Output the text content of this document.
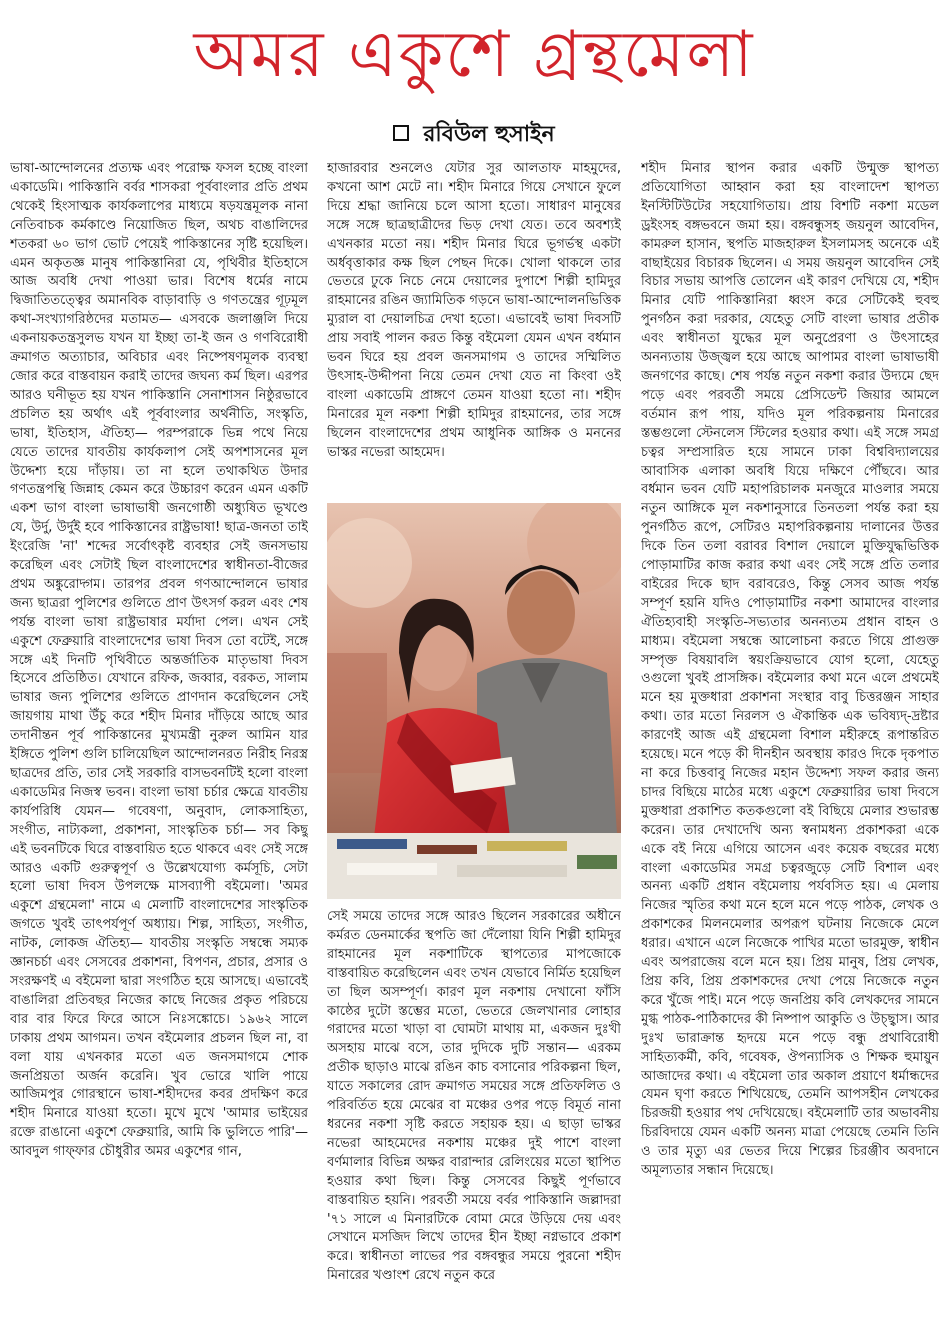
অমর একুশে গ্রন্থমেলা
রবিউল হুসাইন

ভাষা-আন্দোলনের প্রত্যক্ষ এবং পরোক্ষ ফসল হচ্ছে বাংলা একাডেমি। পাকিস্তানি বর্বর শাসকরা পূর্ববাংলার প্রতি প্রথম থেকেই হিংসাত্মক কার্যকলাপের মাধ্যমে ষড়যন্ত্রমূলক নানা নেতিবাচক কর্মকাণ্ডে নিয়োজিত ছিল, অথচ বাঙালিদের শতকরা ৬০ ভাগ ভোট পেয়েই পাকিস্তানের সৃষ্টি হয়েছিল। এমন অকৃতজ্ঞ মানুষ পাকিস্তানিরা যে, পৃথিবীর ইতিহাসে আজ অবধি দেখা পাওয়া ভার। বিশেষ ধর্মের নামে দ্বিজাতিতত্ত্বের অমানবিক বাড়াবাড়ি ও গণতন্ত্রের গূঢ়মূল কথা-সংখ্যাগরিষ্ঠদের মতামত— এসবকে জলাঞ্জলি দিয়ে একনায়কতন্ত্রসুলভ যখন যা ইচ্ছা তা-ই জন ও গণবিরোধী ক্রমাগত অত্যাচার, অবিচার এবং নিষ্পেষণমূলক ব্যবস্থা জোর করে বাস্তবায়ন করাই তাদের জঘন্য কর্ম ছিল। এরপর আরও ঘনীভূত হয় যখন পাকিস্তানি সেনাশাসন নিষ্ঠুরভাবে প্রচলিত হয় অর্থাৎ এই পূর্ববাংলার অর্থনীতি, সংস্কৃতি, ভাষা, ইতিহাস, ঐতিহ্য— পরম্পরাকে ভিন্ন পথে নিয়ে যেতে তাদের যাবতীয় কার্যকলাপ সেই অপশাসনের মূল উদ্দেশ্য হয়ে দাঁড়ায়। তা না হলে তথাকথিত উদার গণতন্ত্রপন্থি জিন্নাহ কেমন করে উচ্চারণ করেন এমন একটি একশ ভাগ বাংলা ভাষাভাষী জনগোষ্ঠী অধ্যুষিত ভূখণ্ডে যে, উর্দু, উর্দুই হবে পাকিস্তানের রাষ্ট্রভাষা! ছাত্র-জনতা তাই ইংরেজি 'না' শব্দের সর্বোৎকৃষ্ট ব্যবহার সেই জনসভায় করেছিল এবং সেটাই ছিল বাংলাদেশের স্বাধীনতা-বীজের প্রথম অঙ্কুরোদ্গম। তারপর প্রবল গণআন্দোলনে ভাষার জন্য ছাত্ররা পুলিশের গুলিতে প্রাণ উৎসর্গ করল এবং শেষ পর্যন্ত বাংলা ভাষা রাষ্ট্রভাষার মর্যাদা পেল। এখন সেই একুশে ফেব্রুয়ারি বাংলাদেশের ভাষা দিবস তো বটেই, সঙ্গে সঙ্গে এই দিনটি পৃথিবীতে অন্তর্জাতিক মাতৃভাষা দিবস হিসেবে প্রতিষ্ঠিত। যেখানে রফিক, জব্বার, বরকত, সালাম ভাষার জন্য পুলিশের গুলিতে প্রাণদান করেছিলেন সেই জায়গায় মাথা উঁচু করে শহীদ মিনার দাঁড়িয়ে আছে আর তদানীন্তন পূর্ব পাকিস্তানের মুখ্যমন্ত্রী নুরুল আমিন যার ইঙ্গিতে পুলিশ গুলি চালিয়েছিল আন্দোলনরত নিরীহ নিরস্ত্র ছাত্রদের প্রতি, তার সেই সরকারি বাসভবনটিই হলো বাংলা একাডেমির নিজস্ব ভবন। বাংলা ভাষা চর্চার ক্ষেত্রে যাবতীয় কার্যপরিধি যেমন— গবেষণা, অনুবাদ, লোকসাহিত্য, সংগীত, নাট্যকলা, প্রকাশনা, সাংস্কৃতিক চর্চা— সব কিছু এই ভবনটিকে ঘিরে বাস্তবায়িত হতে থাকবে এবং সেই সঙ্গে আরও একটি গুরুত্বপূর্ণ ও উল্লেখযোগ্য কর্মসূচি, সেটা হলো ভাষা দিবস উপলক্ষে মাসব্যাপী বইমেলা। 'অমর একুশে গ্রন্থমেলা' নামে এ মেলাটি বাংলাদেশের সাংস্কৃতিক জগতে খুবই তাৎপর্যপূর্ণ অধ্যায়। শিল্প, সাহিত্য, সংগীত, নাটক, লোকজ ঐতিহ্য— যাবতীয় সংস্কৃতি সম্বন্ধে সম্যক জ্ঞানচর্চা এবং সেসবের প্রকাশনা, বিপণন, প্রচার, প্রসার ও সংরক্ষণই এ বইমেলা দ্বারা সংগঠিত হয়ে আসছে। এভাবেই বাঙালিরা প্রতিবছর নিজের কাছে নিজের প্রকৃত পরিচয়ে বার বার ফিরে ফিরে আসে নিঃসঙ্কোচে। ১৯৬২ সালে ঢাকায় প্রথম আগমন। তখন বইমেলার প্রচলন ছিল না, বা বলা যায় এখনকার মতো এত জনসমাগমে শোক জনপ্রিয়তা অর্জন করেনি। খুব ভোরে খালি পায়ে আজিমপুর গোরস্থানে ভাষা-শহীদদের কবর প্রদক্ষিণ করে শহীদ মিনারে যাওয়া হতো। মুখে মুখে 'আমার ভাইয়ের রক্তে রাঙানো একুশে ফেব্রুয়ারি, আমি কি ভুলিতে পারি'— আবদুল গাফ্‌ফার চৌধুরীর অমর একুশের গান,

হাজারবার শুনলেও যেটার সুর আলতাফ মাহমুদের, কখনো আশ মেটে না। শহীদ মিনারে গিয়ে সেখানে ফুলে দিয়ে শ্রদ্ধা জানিয়ে চলে আসা হতো। সাধারণ মানুষের সঙ্গে সঙ্গে ছাত্রছাত্রীদের ভিড় দেখা যেত। তবে অবশ্যই এখনকার মতো নয়। শহীদ মিনার ঘিরে ভূগর্ভস্থ একটা অর্ধবৃত্তাকার কক্ষ ছিল পেছন দিকে। খোলা থাকলে তার ভেতরে ঢুকে নিচে নেমে দেয়ালের দুপাশে শিল্পী হামিদুর রাহমানের রঙিন জ্যামিতিক গড়নে ভাষা-আন্দোলনভিত্তিক ম্যুরাল বা দেয়ালচিত্র দেখা হতো। এভাবেই ভাষা দিবসটি প্রায় সবাই পালন করত কিন্তু বইমেলা যেমন এখন বর্ধমান ভবন ঘিরে হয় প্রবল জনসমাগম ও তাদের সম্মিলিত উৎসাহ-উদ্দীপনা নিয়ে তেমন দেখা যেত না কিংবা ওই বাংলা একাডেমি প্রাঙ্গণে তেমন যাওয়া হতো না। শহীদ মিনারের মূল নকশা শিল্পী হামিদুর রাহমানের, তার সঙ্গে ছিলেন বাংলাদেশের প্রথম আধুনিক আঙ্গিক ও মননের ভাস্কর নভেরা আহমেদ।

সেই সময়ে তাদের সঙ্গে আরও ছিলেন সরকারের অধীনে কর্মরত ডেনমার্কের স্থপতি জা দেঁলোয়া যিনি শিল্পী হামিদুর রাহমানের মূল নকশাটিকে স্থাপত্যের মাপজোকে বাস্তবায়িত করেছিলেন এবং তখন যেভাবে নির্মিত হয়েছিল তা ছিল অসম্পূর্ণ। কারণ মূল নকশায় দেখানো ফাঁসি কাষ্ঠের দুটো স্তম্ভের মতো, ভেতরে জেলখানার লোহার গরাদের মতো খাড়া বা ঘোমটা মাথায় মা, একজন দুঃখী অসহায় মাঝে বসে, তার দুদিকে দুটি সন্তান— এরকম প্রতীক ছাড়াও মাঝে রঙিন কাচ বসানোর পরিকল্পনা ছিল, যাতে সকালের রোদ ক্রমাগত সময়ের সঙ্গে প্রতিফলিত ও পরিবর্তিত হয়ে মেঝের বা মঞ্চের ওপর পড়ে বিমূর্ত নানা ধরনের নকশা সৃষ্টি করতে সহায়ক হয়। এ ছাড়া ভাস্কর নভেরা আহমেদের নকশায় মঞ্চের দুই পাশে বাংলা বর্ণমালার বিভিন্ন অক্ষর বারান্দার রেলিংয়ের মতো স্থাপিত হওয়ার কথা ছিল। কিন্তু সেসবের কিছুই পূর্ণভাবে বাস্তবায়িত হয়নি। পরবর্তী সময়ে বর্বর পাকিস্তানি জল্লাদরা '৭১ সালে এ মিনারটিকে বোমা মেরে উড়িয়ে দেয় এবং সেখানে মসজিদ লিখে তাদের হীন ইচ্ছা নগ্নভাবে প্রকাশ করে। স্বাধীনতা লাভের পর বঙ্গবন্ধুর সময়ে পুরনো শহীদ মিনারের খণ্ডাংশ রেখে নতুন করে

শহীদ মিনার স্থাপন করার একটি উন্মুক্ত স্থাপত্য প্রতিযোগিতা আহ্বান করা হয় বাংলাদেশ স্থাপত্য ইনস্টিটিউটের সহযোগিতায়। প্রায় বিশটি নকশা মডেল ড্রইংসহ বঙ্গভবনে জমা হয়। বঙ্গবন্ধুসহ জয়নুল আবেদিন, কামরুল হাসান, স্থপতি মাজহারুল ইসলামসহ অনেকে এই বাছাইয়ের বিচারক ছিলেন। এ সময় জয়নুল আবেদিন সেই বিচার সভায় আপত্তি তোলেন এই কারণ দেখিয়ে যে, শহীদ মিনার যেটি পাকিস্তানিরা ধ্বংস করে সেটিকেই হুবহু পুনর্গঠন করা দরকার, যেহেতু সেটি বাংলা ভাষার প্রতীক এবং স্বাধীনতা যুদ্ধের মূল অনুপ্রেরণা ও উৎসাহের অনন্যতায় উজ্জ্বল হয়ে আছে আপামর বাংলা ভাষাভাষী জনগণের কাছে। শেষ পর্যন্ত নতুন নকশা করার উদ্যমে ছেদ পড়ে এবং পরবর্তী সময়ে প্রেসিডেন্ট জিয়ার আমলে বর্তমান রূপ পায়, যদিও মূল পরিকল্পনায় মিনারের স্তম্ভগুলো স্টেনলেস স্টিলের হওয়ার কথা। এই সঙ্গে সমগ্র চত্বর সম্প্রসারিত হয়ে সামনে ঢাকা বিশ্ববিদ্যালয়ের আবাসিক এলাকা অবধি যিয়ে দক্ষিণে পৌঁছবে। আর বর্ধমান ভবন যেটি মহাপরিচালক মনজুরে মাওলার সময়ে নতুন আঙ্গিকে মূল নকশানুসারে তিনতলা পর্যন্ত করা হয় পুনর্গঠিত রূপে, সেটিরও মহাপরিকল্পনায় দালানের উত্তর দিকে তিন তলা বরাবর বিশাল দেয়ালে মুক্তিযুদ্ধভিত্তিক পোড়ামাটির কাজ করার কথা এবং সেই সঙ্গে প্রতি তলার বাইরের দিকে ছাদ বরাবরেও, কিন্তু সেসব আজ পর্যন্ত সম্পূর্ণ হয়নি যদিও পোড়ামাটির নকশা আমাদের বাংলার ঐতিহ্যবাহী সংস্কৃতি-সভ্যতার অনন্যতম প্রধান বাহন ও মাধ্যম। বইমেলা সম্বন্ধে আলোচনা করতে গিয়ে প্রাগুক্ত সম্পৃক্ত বিষয়াবলি স্বয়ংক্রিয়ভাবে যোগ হলো, যেহেতু ওগুলো খুবই প্রাসঙ্গিক। বইমেলার কথা মনে এলে প্রথমেই মনে হয় মুক্তধারা প্রকাশনা সংস্থার বাবু চিত্তরঞ্জন সাহার কথা। তার মতো নিরলস ও ঐকান্তিক এক ভবিষ্যদ্-দ্রষ্টার কারণেই আজ এই গ্রন্থমেলা বিশাল মহীরুহে রূপান্তরিত হয়েছে। মনে পড়ে কী দীনহীন অবস্থায় কারও দিকে দৃকপাত না করে চিত্তবাবু নিজের মহান উদ্দেশ্য সফল করার জন্য চাদর বিছিয়ে মাঠের মধ্যে একুশে ফেব্রুয়ারির ভাষা দিবসে মুক্তধারা প্রকাশিত কতকগুলো বই বিছিয়ে মেলার শুভারম্ভ করেন। তার দেখাদেখি অন্য স্বনামধন্য প্রকাশকরা একে একে বই নিয়ে এগিয়ে আসেন এবং কয়েক বছরের মধ্যে বাংলা একাডেমির সমগ্র চত্বরজুড়ে সেটি বিশাল এবং অনন্য একটি প্রধান বইমেলায় পর্যবসিত হয়। এ মেলায় নিজের স্মৃতির কথা মনে হলে মনে পড়ে পাঠক, লেখক ও প্রকাশকের মিলনমেলার অপরূপ ঘটনায় নিজেকে মেলে ধরার। এখানে এলে নিজেকে পাখির মতো ভারমুক্ত, স্বাধীন এবং অপরাজেয় বলে মনে হয়। প্রিয় মানুষ, প্রিয় লেখক, প্রিয় কবি, প্রিয় প্রকাশকদের দেখা পেয়ে নিজেকে নতুন করে খুঁজে পাই। মনে পড়ে জনপ্রিয় কবি লেখকদের সামনে মুগ্ধ পাঠক-পাঠিকাদের কী নিষ্পাপ আকুতি ও উচ্ছ্বাস। আর দুঃখ ভারাক্রান্ত হৃদয়ে মনে পড়ে বন্ধু প্রথাবিরোধী সাহিত্যকর্মী, কবি, গবেষক, ঔপন্যাসিক ও শিক্ষক হুমায়ুন আজাদের কথা। এ বইমেলা তার অকাল প্রয়াণে ধর্মান্ধদের যেমন ঘৃণা করতে শিখিয়েছে, তেমনি আপসহীন লেখকের চিরজয়ী হওয়ার পথ দেখিয়েছে। বইমেলাটি তার অভাবনীয় চিরবিদায়ে যেমন একটি অনন্য মাত্রা পেয়েছে তেমনি তিনি ও তার মৃত্যু এর ভেতর দিয়ে শিল্পের চিরঞ্জীব অবদানে অমূল্যতার সন্ধান দিয়েছে।
